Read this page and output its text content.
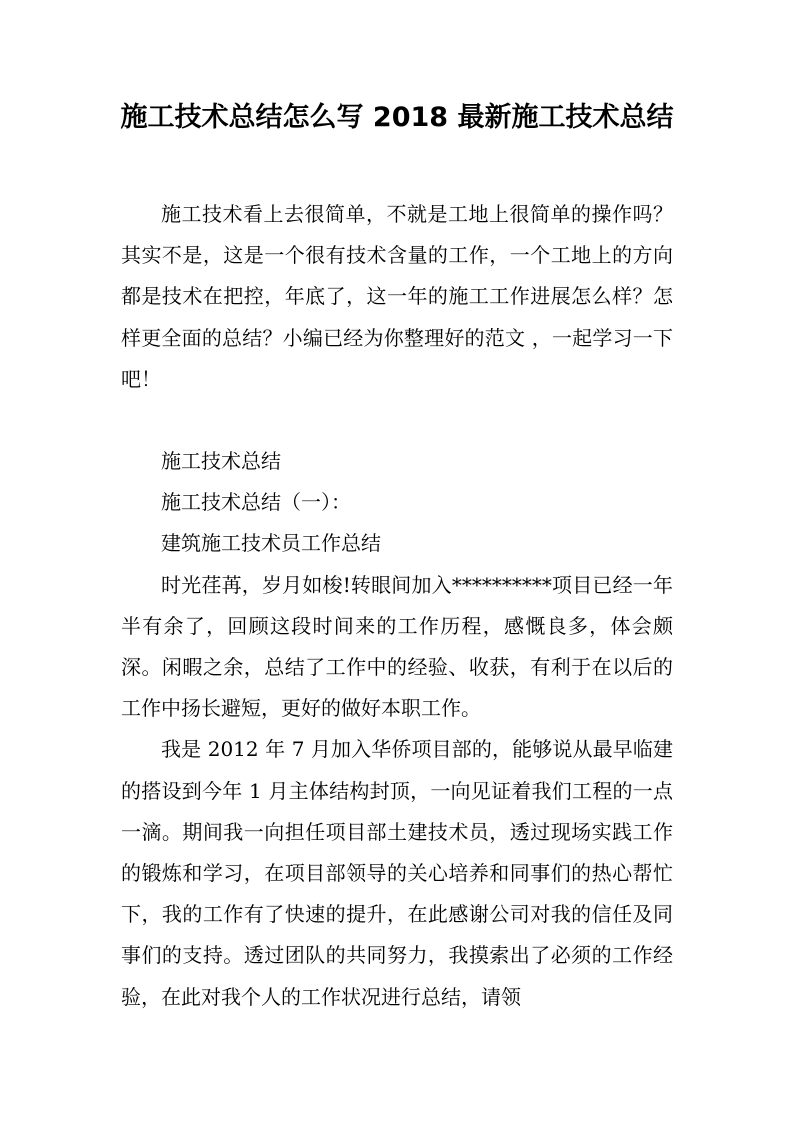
施工技术总结怎么写 2018 最新施工技术总结

施工技术看上去很简单，不就是工地上很简单的操作吗？其实不是，这是一个很有技术含量的工作，一个工地上的方向都是技术在把控，年底了，这一年的施工工作进展怎么样？怎样更全面的总结？小编已经为你整理好的范文 ，一起学习一下吧！

施工技术总结

施工技术总结（一）：

建筑施工技术员工作总结

时光荏苒，岁月如梭!转眼间加入**********项目已经一年半有余了，回顾这段时间来的工作历程，感慨良多，体会颇深。闲暇之余，总结了工作中的经验、收获，有利于在以后的工作中扬长避短，更好的做好本职工作。

我是 2012 年 7 月加入华侨项目部的，能够说从最早临建的搭设到今年 1 月主体结构封顶，一向见证着我们工程的一点一滴。期间我一向担任项目部土建技术员，透过现场实践工作的锻炼和学习，在项目部领导的关心培养和同事们的热心帮忙下，我的工作有了快速的提升，在此感谢公司对我的信任及同事们的支持。透过团队的共同努力，我摸索出了必须的工作经验，在此对我个人的工作状况进行总结，请领
